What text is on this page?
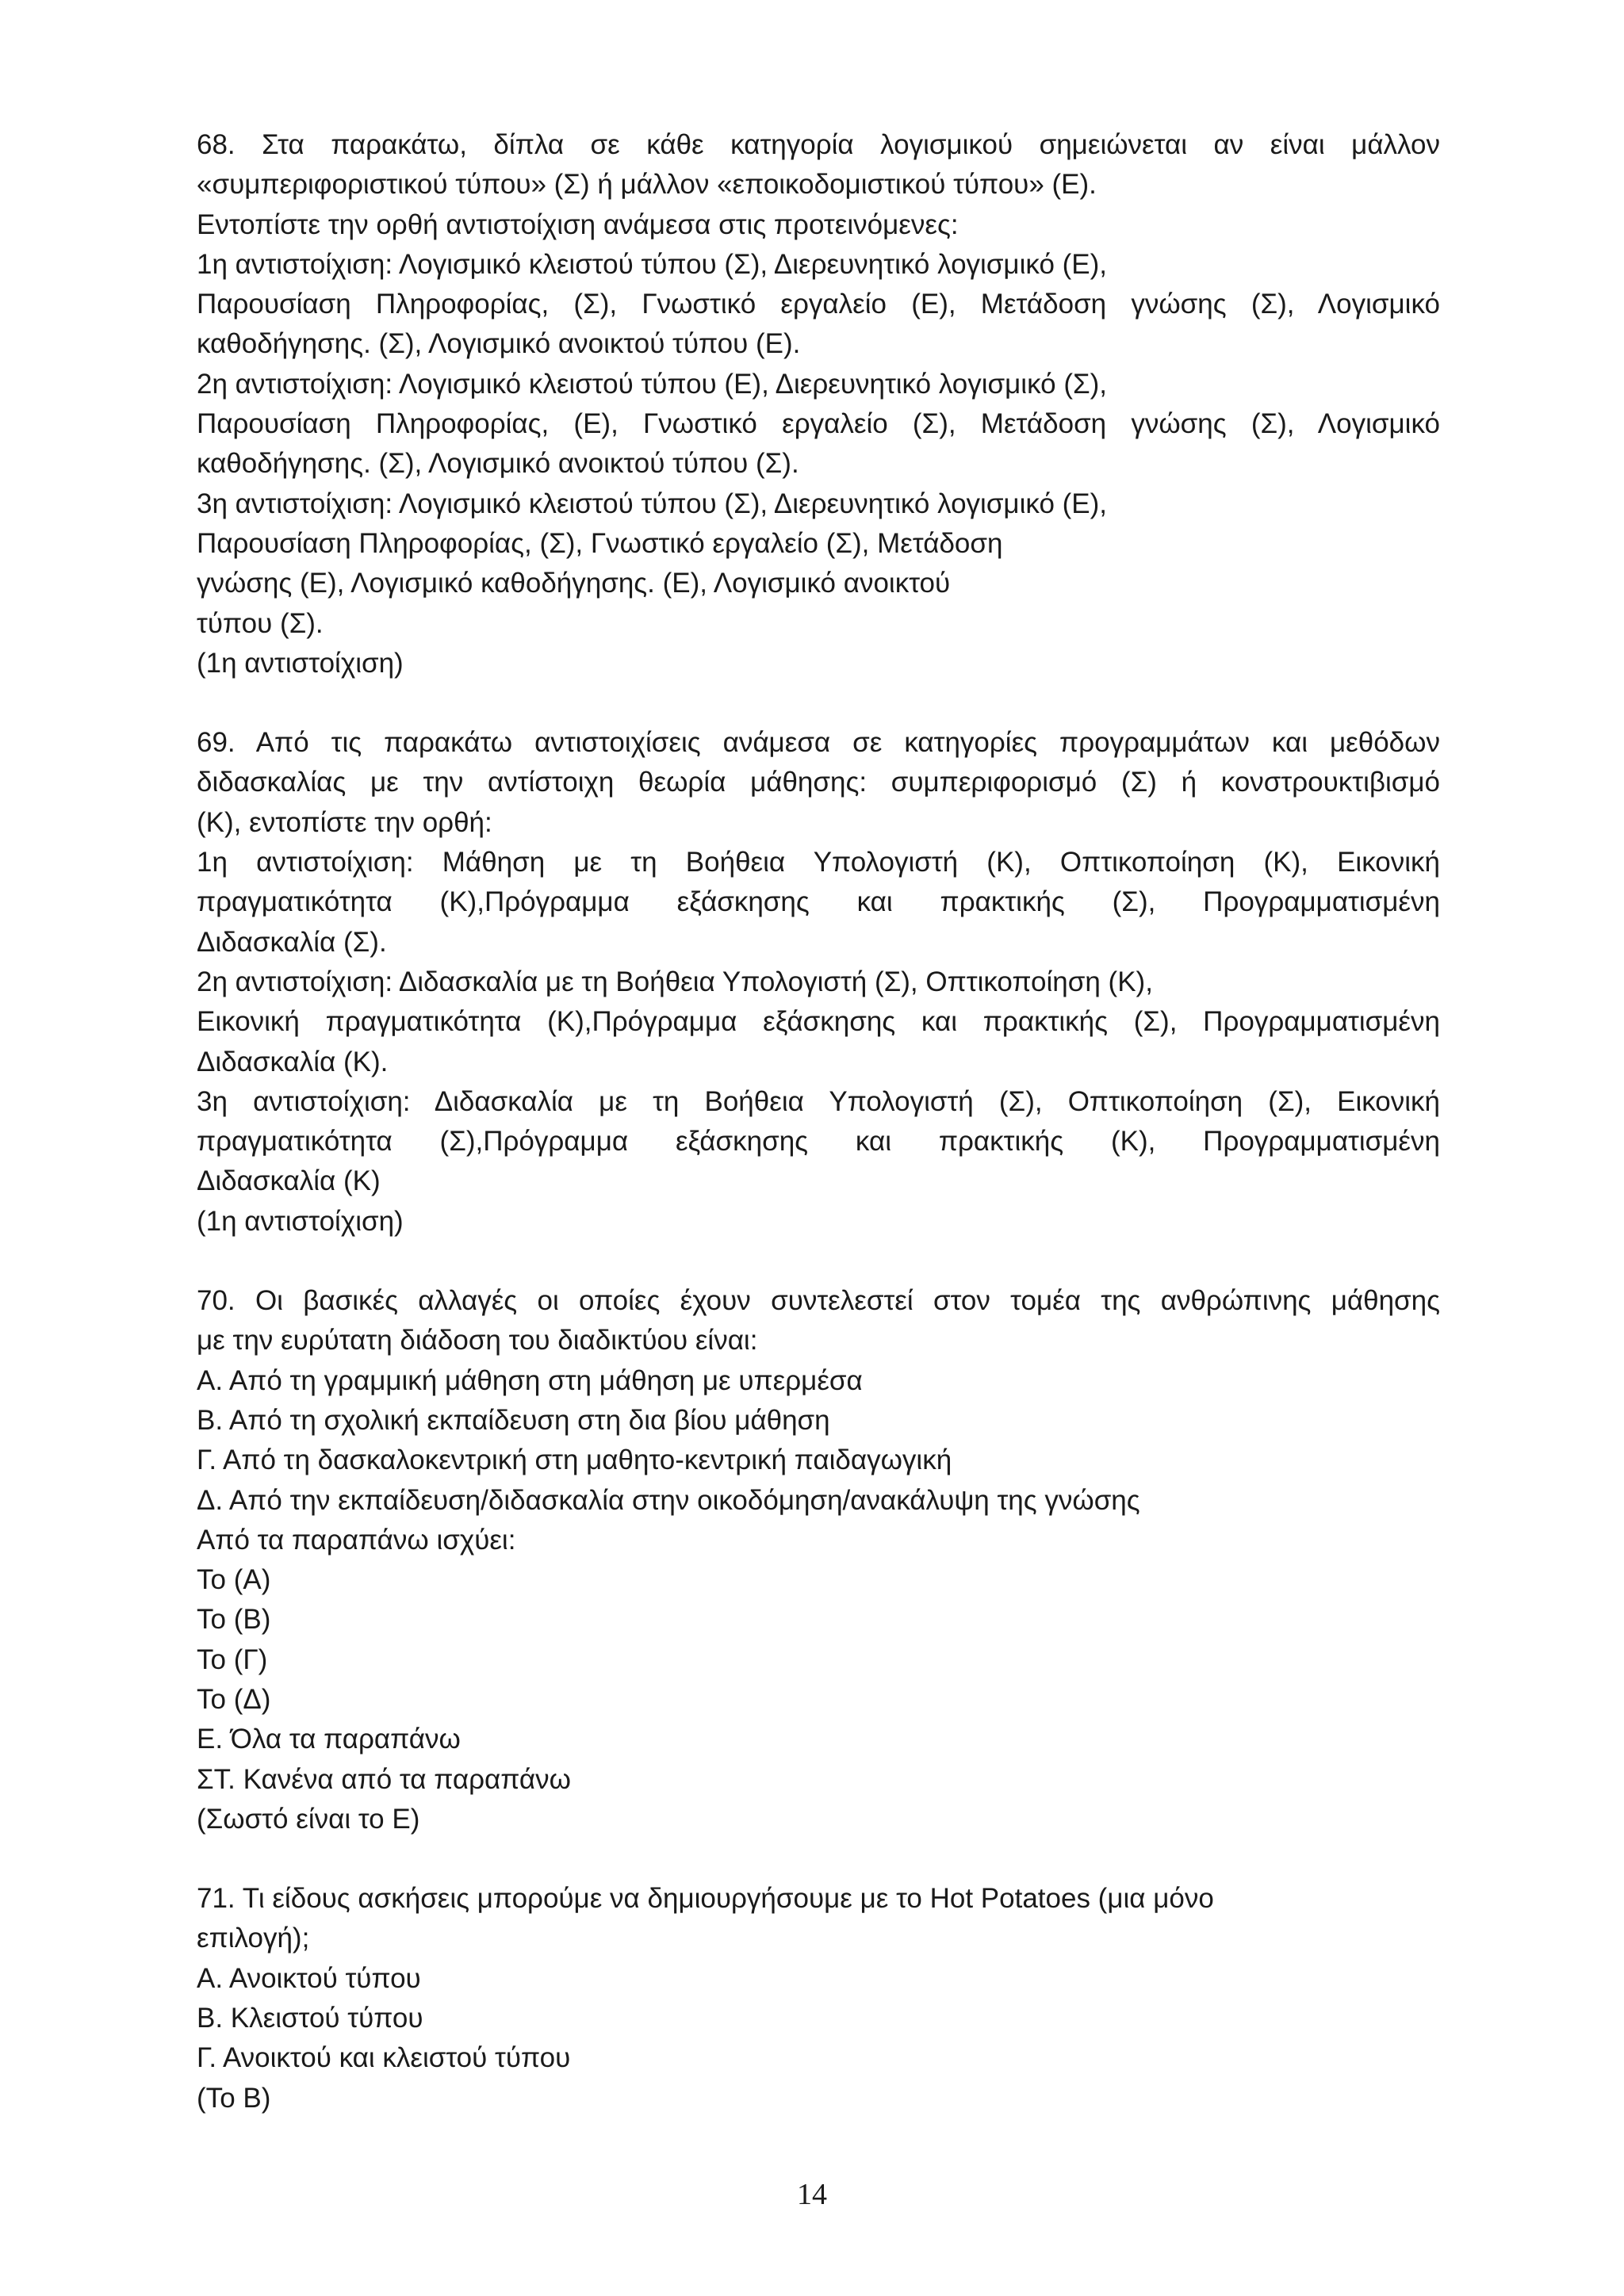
68. Στα παρακάτω, δίπλα σε κάθε κατηγορία λογισμικού σημειώνεται αν είναι μάλλον
«συμπεριφοριστικού τύπου» (Σ) ή μάλλον «εποικοδομιστικού τύπου» (Ε).
Εντοπίστε την ορθή αντιστοίχιση ανάμεσα στις προτεινόμενες:
1η αντιστοίχιση: Λογισμικό κλειστού τύπου (Σ), Διερευνητικό λογισμικό (Ε),
Παρουσίαση Πληροφορίας, (Σ), Γνωστικό εργαλείο (Ε), Μετάδοση γνώσης (Σ), Λογισμικό
καθοδήγησης. (Σ), Λογισμικό ανοικτού τύπου (Ε).
2η αντιστοίχιση: Λογισμικό κλειστού τύπου (Ε), Διερευνητικό λογισμικό (Σ),
Παρουσίαση Πληροφορίας, (Ε), Γνωστικό εργαλείο (Σ), Μετάδοση γνώσης (Σ), Λογισμικό
καθοδήγησης. (Σ), Λογισμικό ανοικτού τύπου (Σ).
3η αντιστοίχιση: Λογισμικό κλειστού τύπου (Σ), Διερευνητικό λογισμικό (Ε),
Παρουσίαση Πληροφορίας, (Σ), Γνωστικό εργαλείο (Σ), Μετάδοση
γνώσης (Ε), Λογισμικό καθοδήγησης. (Ε), Λογισμικό ανοικτού
τύπου (Σ).
(1η αντιστοίχιση)
69. Από τις παρακάτω αντιστοιχίσεις ανάμεσα σε κατηγορίες προγραμμάτων και μεθόδων
διδασκαλίας με την αντίστοιχη θεωρία μάθησης: συμπεριφορισμό (Σ) ή κονστρουκτιβισμό
(Κ), εντοπίστε την ορθή:
1η αντιστοίχιση: Μάθηση με τη Βοήθεια Υπολογιστή (Κ), Οπτικοποίηση (Κ), Εικονική
πραγματικότητα (Κ),Πρόγραμμα εξάσκησης και πρακτικής (Σ), Προγραμματισμένη
Διδασκαλία (Σ).
2η αντιστοίχιση: Διδασκαλία με τη Βοήθεια Υπολογιστή (Σ), Οπτικοποίηση (Κ),
Εικονική πραγματικότητα (Κ),Πρόγραμμα εξάσκησης και πρακτικής (Σ), Προγραμματισμένη
Διδασκαλία (Κ).
3η αντιστοίχιση: Διδασκαλία με τη Βοήθεια Υπολογιστή (Σ), Οπτικοποίηση (Σ), Εικονική
πραγματικότητα (Σ),Πρόγραμμα εξάσκησης και πρακτικής (Κ), Προγραμματισμένη
Διδασκαλία (Κ)
(1η αντιστοίχιση)
70. Οι βασικές αλλαγές οι οποίες έχουν συντελεστεί στον τομέα της ανθρώπινης μάθησης
με την ευρύτατη διάδοση του διαδικτύου είναι:
Α. Από τη γραμμική μάθηση στη μάθηση με υπερμέσα
Β. Από τη σχολική εκπαίδευση στη δια βίου μάθηση
Γ. Από τη δασκαλοκεντρική στη μαθητο-κεντρική παιδαγωγική
Δ. Από την εκπαίδευση/διδασκαλία στην οικοδόμηση/ανακάλυψη της γνώσης
Από τα παραπάνω ισχύει:
Το (Α)
Το (Β)
Το (Γ)
Το (Δ)
Ε. Όλα τα παραπάνω
ΣΤ. Κανένα από τα παραπάνω
(Σωστό είναι το Ε)
71. Τι είδους ασκήσεις μπορούμε να δημιουργήσουμε με το Hot Potatoes (μια μόνο
επιλογή);
Α. Ανοικτού τύπου
Β. Κλειστού τύπου
Γ. Ανοικτού και κλειστού τύπου
(Το Β)
14
